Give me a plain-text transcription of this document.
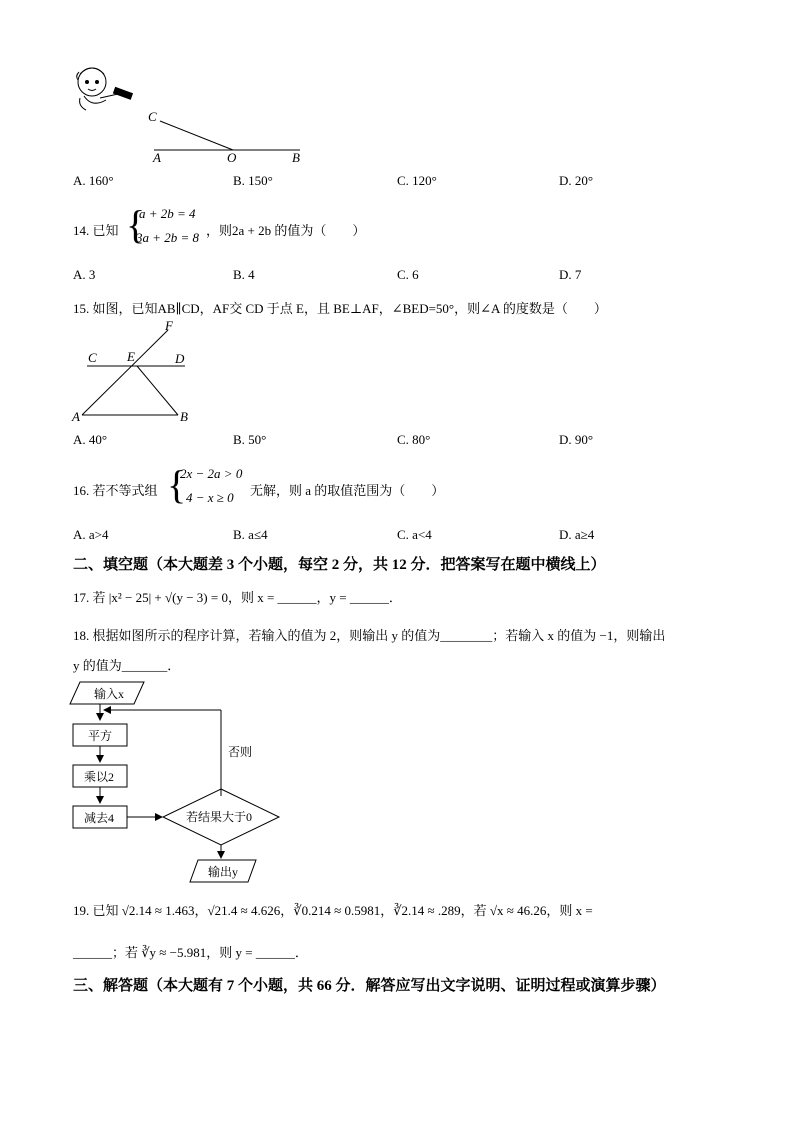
C
A	O	B
A. 160°	B. 150°	C. 120°	D. 20°
14. 已知 {
a + 2b = 4
3a + 2b = 8 ，则2a + 2b 的值为（　　）
A. 3	B. 4	C. 6	D. 7
15. 如图，已知AB∥CD，AF交 CD 于点 E，且 BE⊥AF，∠BED=50°，则∠A 的度数是（　　）
F
C E	D
A	B
A. 40°	B. 50°	C. 80°	D. 90°
16. 若不等式组 {
2x − 2a > 0
4 − x ≥ 0 无解，则 a 的取值范围为（　　）
A. a>4	B. a≤4	C. a<4	D. a≥4
二、填空题（本大题差 3 个小题，每空 2 分，共 12 分．把答案写在题中横线上）
17. 若 |x² − 25| + √(y − 3) = 0，则 x = ______，y = ______．
18. 根据如图所示的程序计算，若输入的值为 2，则输出 y 的值为________；若输入 x 的值为 −1，则输出
y 的值为_______．
输入x
否则
平方
乘以2
减去4	若结果大于0
输出y
19. 已知 √2.14 ≈ 1.463，√21.4 ≈ 4.626，∛0.214 ≈ 0.5981，∛2.14 ≈ .289，若 √x ≈ 46.26，则 x =
______；若 ∛y ≈ −5.981，则 y = ______．
三、解答题（本大题有 7 个小题，共 66 分．解答应写出文字说明、证明过程或演算步骤）
